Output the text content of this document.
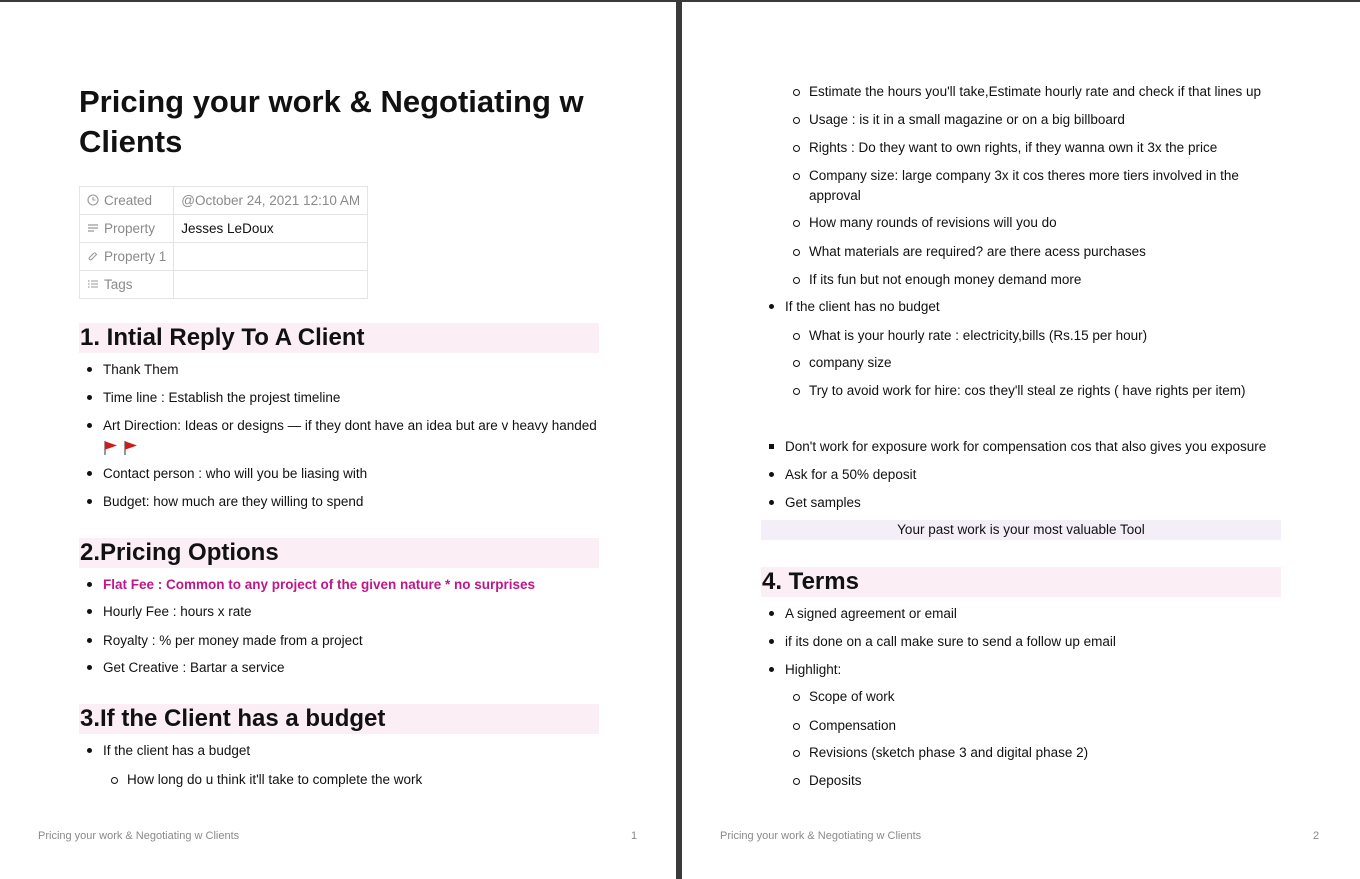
Pricing your work & Negotiating w Clients
Created	@October 24, 2021 12:10 AM
Property	Jesses LeDoux
Property 1	
Tags	
1. Intial Reply To A Client
Thank Them
Time line : Establish the projest timeline
Art Direction: Ideas or designs — if they dont have an idea but are v heavy handed

Contact person : who will you be liasing with
Budget: how much are they willing to spend
2.Pricing Options
Flat Fee : Common to any project of the given nature * no surprises
Hourly Fee : hours x rate
Royalty : % per money made from a project
Get Creative : Bartar a service
3.If the Client has a budget
If the client has a budget
How long do u think it'll take to complete the work
Pricing your work & Negotiating w Clients	1
Estimate the hours you'll take,Estimate hourly rate and check if that lines up
Usage : is it in a small magazine or on a big billboard
Rights : Do they want to own rights, if they wanna own it 3x the price
Company size: large company 3x it cos theres more tiers involved in the approval
How many rounds of revisions will you do
What materials are required? are there acess purchases
If its fun but not enough money demand more
If the client has no budget
What is your hourly rate : electricity,bills (Rs.15 per hour)
company size
Try to avoid work for hire: cos they'll steal ze rights ( have rights per item)
Don't work for exposure work for compensation cos that also gives you exposure
Ask for a 50% deposit
Get samples
Your past work is your most valuable Tool
4. Terms
A signed agreement or email
if its done on a call make sure to send a follow up email
Highlight:
Scope of work
Compensation
Revisions (sketch phase 3 and digital phase 2)
Deposits
Pricing your work & Negotiating w Clients	2
